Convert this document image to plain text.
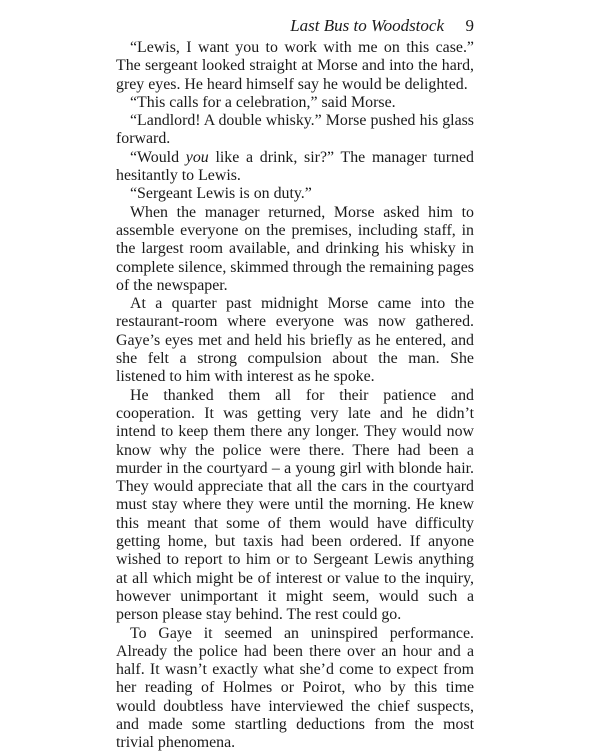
Last Bus to Woodstock 9

“Lewis, I want you to work with me on this case.” The sergeant looked straight at Morse and into the hard, grey eyes. He heard himself say he would be delighted.

“This calls for a celebration,” said Morse.

“Landlord! A double whisky.” Morse pushed his glass forward.

“Would you like a drink, sir?” The manager turned hesitantly to Lewis.

“Sergeant Lewis is on duty.”

When the manager returned, Morse asked him to assemble everyone on the premises, including staff, in the largest room available, and drinking his whisky in complete silence, skimmed through the remaining pages of the newspaper.

At a quarter past midnight Morse came into the restaurant-room where everyone was now gathered. Gaye’s eyes met and held his briefly as he entered, and she felt a strong compulsion about the man. She listened to him with interest as he spoke.

He thanked them all for their patience and cooperation. It was getting very late and he didn’t intend to keep them there any longer. They would now know why the police were there. There had been a murder in the courtyard – a young girl with blonde hair. They would appreciate that all the cars in the courtyard must stay where they were until the morning. He knew this meant that some of them would have difficulty getting home, but taxis had been ordered. If anyone wished to report to him or to Sergeant Lewis anything at all which might be of interest or value to the inquiry, however unimportant it might seem, would such a person please stay behind. The rest could go.

To Gaye it seemed an uninspired performance. Already the police had been there over an hour and a half. It wasn’t exactly what she’d come to expect from her reading of Holmes or Poirot, who by this time would doubtless have interviewed the chief suspects, and made some startling deductions from the most trivial phenomena.
